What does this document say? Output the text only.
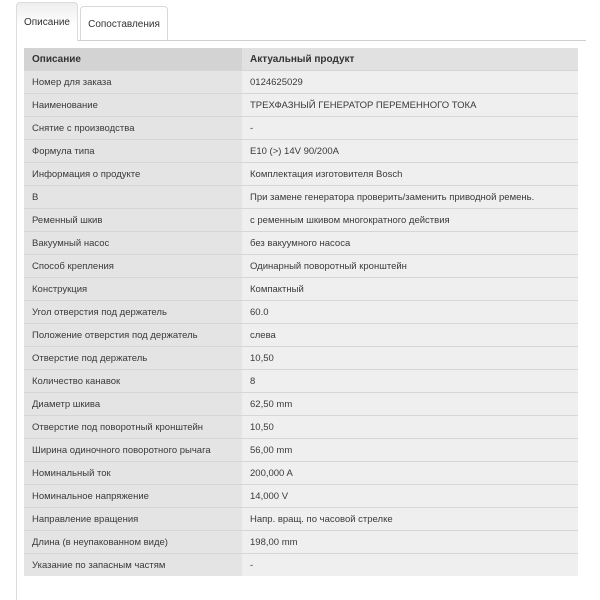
Описание	Сопоставления
Описание	Актуальный продукт
Номер для заказа	0124625029
Наименование	ТРЕХФАЗНЫЙ ГЕНЕРАТОР ПЕРЕМЕННОГО ТОКА
Снятие с производства	-
Формула типа	E10 (>) 14V 90/200A
Информация о продукте	Комплектация изготовителя Bosch
В	При замене генератора проверить/заменить приводной ремень.
Ременный шкив	с ременным шкивом многократного действия
Вакуумный насос	без вакуумного насоса
Способ крепления	Одинарный поворотный кронштейн
Конструкция	Компактный
Угол отверстия под держатель	60.0
Положение отверстия под держатель	слева
Отверстие под держатель	10,50
Количество канавок	8
Диаметр шкива	62,50 mm
Отверстие под поворотный кронштейн	10,50
Ширина одиночного поворотного рычага	56,00 mm
Номинальный ток	200,000 A
Номинальное напряжение	14,000 V
Направление вращения	Напр. вращ. по часовой стрелке
Длина (в неупакованном виде)	198,00 mm
Указание по запасным частям	-
